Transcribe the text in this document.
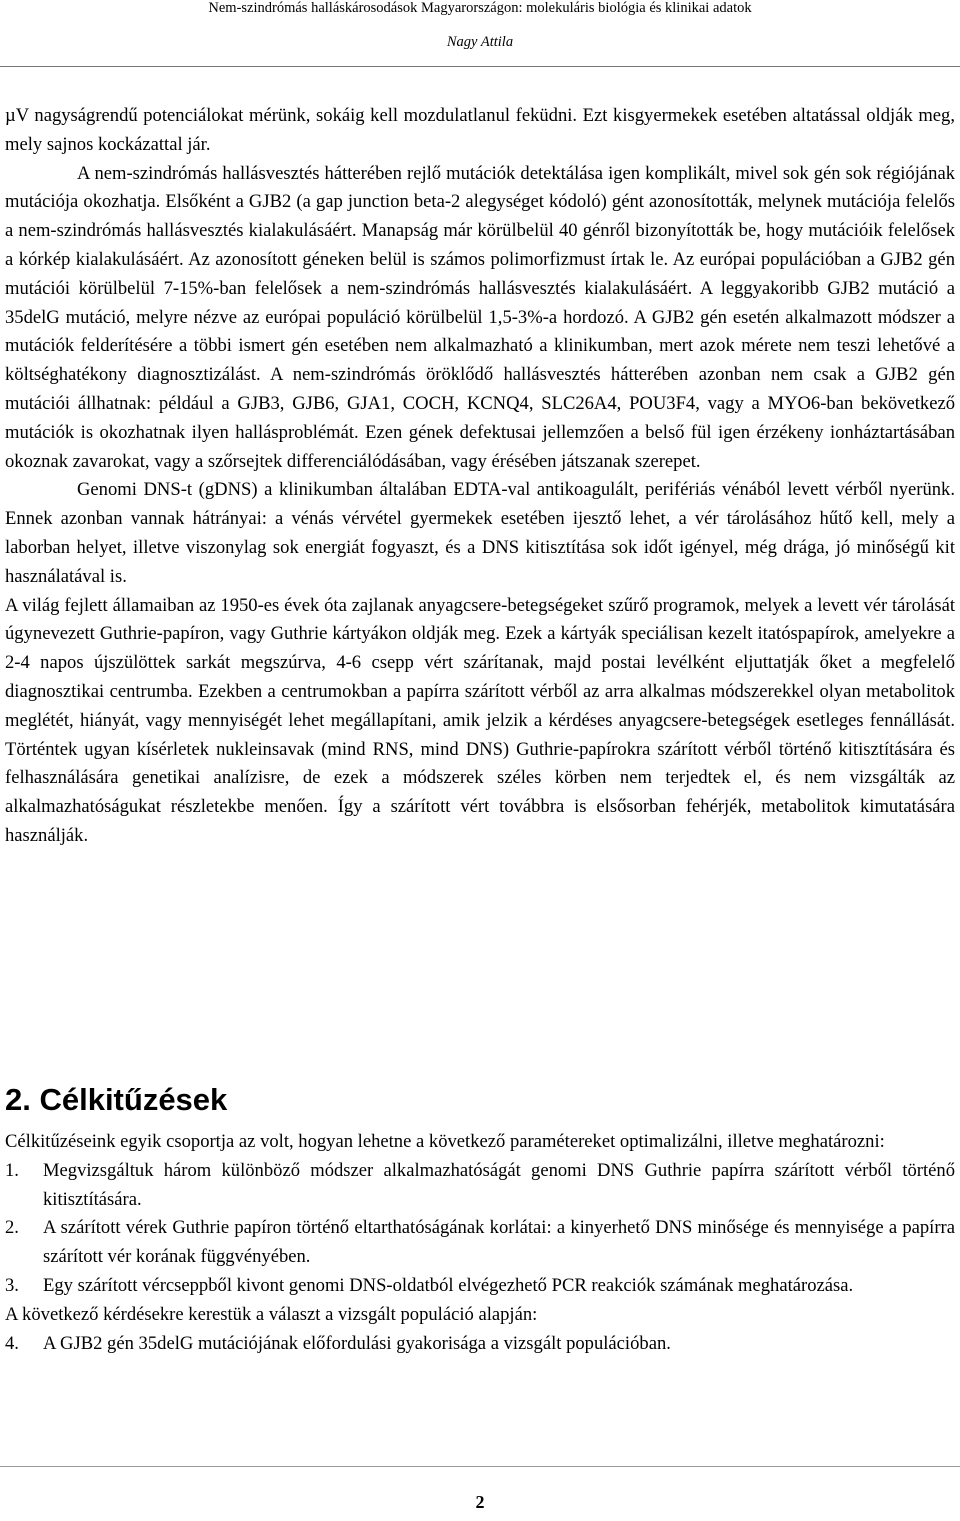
Nem-szindrómás halláskárosodások Magyarországon: molekuláris biológia és klinikai adatok
Nagy Attila

µV nagyságrendű potenciálokat mérünk, sokáig kell mozdulatlanul feküdni. Ezt kisgyermekek esetében altatással oldják meg, mely sajnos kockázattal jár.

A nem-szindrómás hallásvesztés hátterében rejlő mutációk detektálása igen komplikált, mivel sok gén sok régiójának mutációja okozhatja. Elsőként a GJB2 (a gap junction beta-2 alegységet kódoló) gént azonosították, melynek mutációja felelős a nem-szindrómás hallásvesztés kialakulásáért. Manapság már körülbelül 40 génről bizonyították be, hogy mutációik felelősek a kórkép kialakulásáért. Az azonosított géneken belül is számos polimorfizmust írtak le. Az európai populációban a GJB2 gén mutációi körülbelül 7-15%-ban felelősek a nem-szindrómás hallásvesztés kialakulásáért. A leggyakoribb GJB2 mutáció a 35delG mutáció, melyre nézve az európai populáció körülbelül 1,5-3%-a hordozó. A GJB2 gén esetén alkalmazott módszer a mutációk felderítésére a többi ismert gén esetében nem alkalmazható a klinikumban, mert azok mérete nem teszi lehetővé a költséghatékony diagnosztizálást. A nem-szindrómás öröklődő hallásvesztés hátterében azonban nem csak a GJB2 gén mutációi állhatnak: például a GJB3, GJB6, GJA1, COCH, KCNQ4, SLC26A4, POU3F4, vagy a MYO6-ban bekövetkező mutációk is okozhatnak ilyen hallásproblémát. Ezen gének defektusai jellemzően a belső fül igen érzékeny ionháztartásában okoznak zavarokat, vagy a szőrsejtek differenciálódásában, vagy érésében játszanak szerepet.

Genomi DNS-t (gDNS) a klinikumban általában EDTA-val antikoagulált, perifériás vénából levett vérből nyerünk. Ennek azonban vannak hátrányai: a vénás vérvétel gyermekek esetében ijesztő lehet, a vér tárolásához hűtő kell, mely a laborban helyet, illetve viszonylag sok energiát fogyaszt, és a DNS kitisztítása sok időt igényel, még drága, jó minőségű kit használatával is.

A világ fejlett államaiban az 1950-es évek óta zajlanak anyagcsere-betegségeket szűrő programok, melyek a levett vér tárolását úgynevezett Guthrie-papíron, vagy Guthrie kártyákon oldják meg. Ezek a kártyák speciálisan kezelt itatóspapírok, amelyekre a 2-4 napos újszülöttek sarkát megszúrva, 4-6 csepp vért szárítanak, majd postai levélként eljuttatják őket a megfelelő diagnosztikai centrumba. Ezekben a centrumokban a papírra szárított vérből az arra alkalmas módszerekkel olyan metabolitok meglétét, hiányát, vagy mennyiségét lehet megállapítani, amik jelzik a kérdéses anyagcsere-betegségek esetleges fennállását. Történtek ugyan kísérletek nukleinsavak (mind RNS, mind DNS) Guthrie-papírokra szárított vérből történő kitisztítására és felhasználására genetikai analízisre, de ezek a módszerek széles körben nem terjedtek el, és nem vizsgálták az alkalmazhatóságukat részletekbe menően. Így a szárított vért továbbra is elsősorban fehérjék, metabolitok kimutatására használják.

2. Célkitűzések

Célkitűzéseink egyik csoportja az volt, hogyan lehetne a következő paramétereket optimalizálni, illetve meghatározni:

1. Megvizsgáltuk három különböző módszer alkalmazhatóságát genomi DNS Guthrie papírra szárított vérből történő kitisztítására.
2. A szárított vérek Guthrie papíron történő eltarthatóságának korlátai: a kinyerhető DNS minősége és mennyisége a papírra szárított vér korának függvényében.
3. Egy szárított vércseppből kivont genomi DNS-oldatból elvégezhető PCR reakciók számának meghatározása.

A következő kérdésekre kerestük a választ a vizsgált populáció alapján:

4. A GJB2 gén 35delG mutációjának előfordulási gyakorisága a vizsgált populációban.
2
